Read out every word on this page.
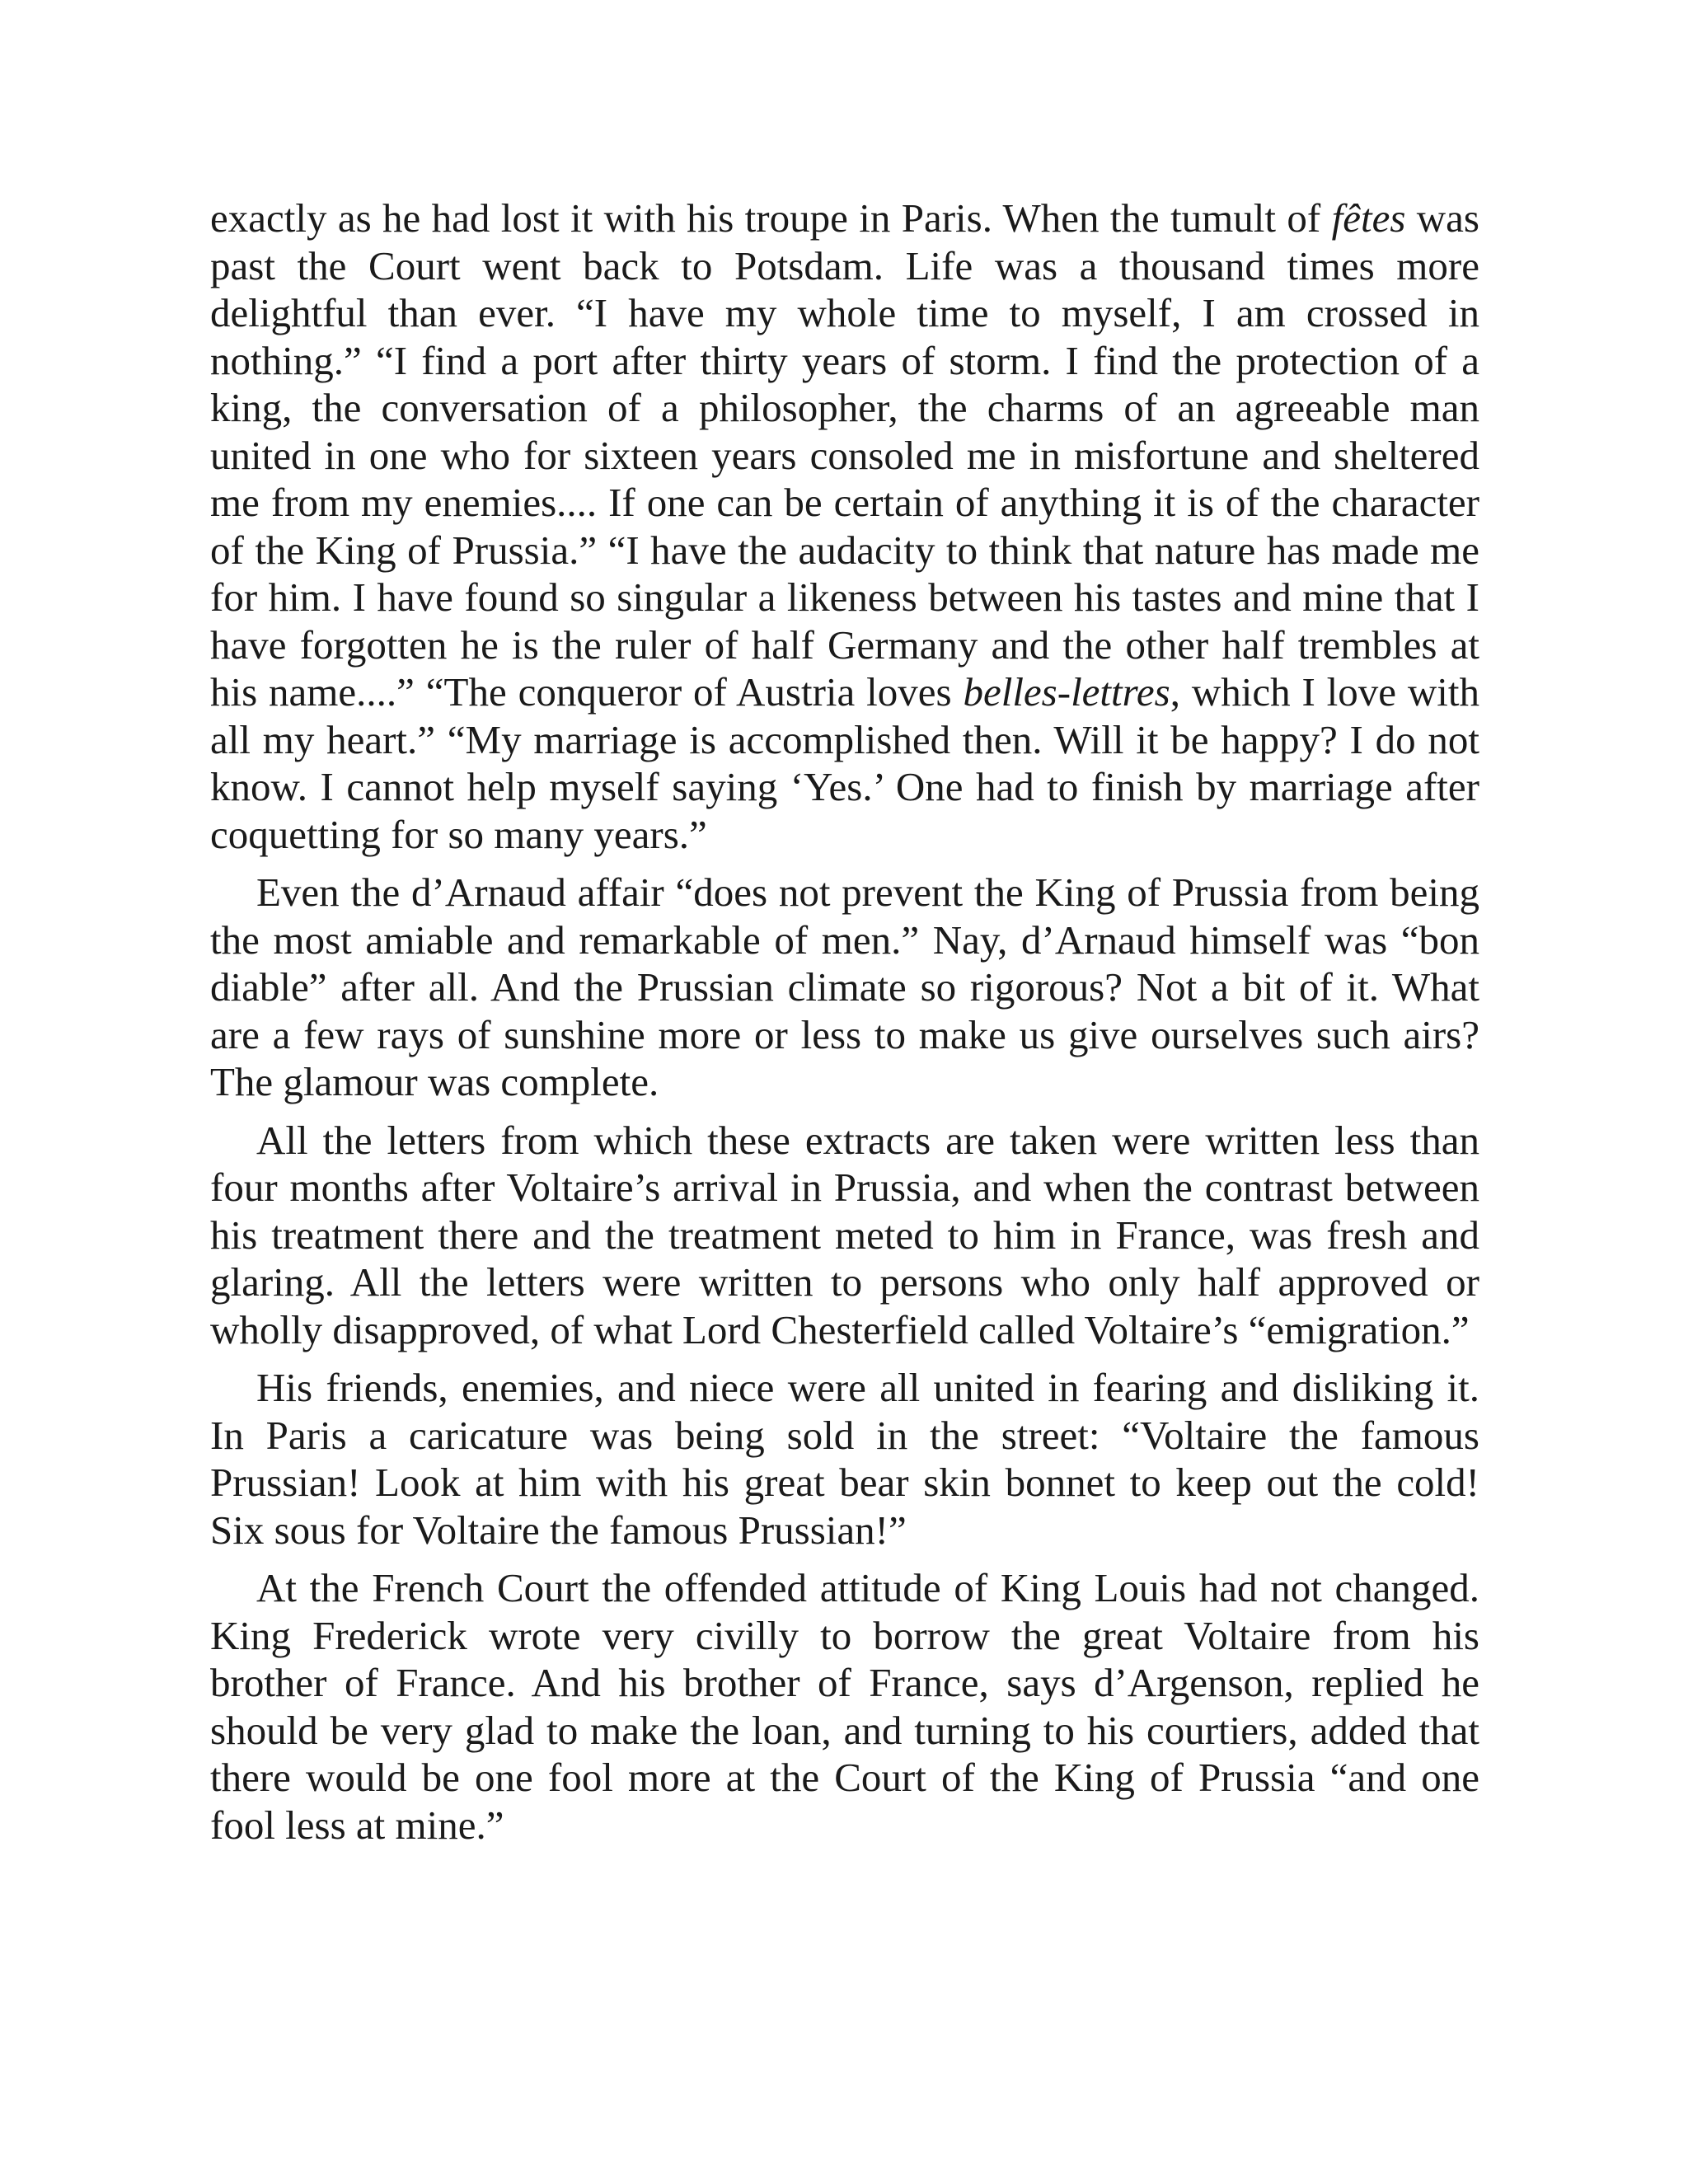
exactly as he had lost it with his troupe in Paris. When the tumult of fêtes was past the Court went back to Potsdam. Life was a thousand times more delightful than ever. “I have my whole time to myself, I am crossed in nothing.” “I find a port after thirty years of storm. I find the protection of a king, the conversation of a philosopher, the charms of an agreeable man united in one who for sixteen years consoled me in misfortune and sheltered me from my enemies.... If one can be certain of anything it is of the character of the King of Prussia.” “I have the audacity to think that nature has made me for him. I have found so singular a likeness between his tastes and mine that I have forgotten he is the ruler of half Germany and the other half trembles at his name....” “The conqueror of Austria loves belles-lettres, which I love with all my heart.” “My marriage is accomplished then. Will it be happy? I do not know. I cannot help myself saying ‘Yes.’ One had to finish by marriage after coquetting for so many years.”

Even the d’Arnaud affair “does not prevent the King of Prussia from being the most amiable and remarkable of men.” Nay, d’Arnaud himself was “bon diable” after all. And the Prussian climate so rigorous? Not a bit of it. What are a few rays of sunshine more or less to make us give ourselves such airs? The glamour was complete.

All the letters from which these extracts are taken were written less than four months after Voltaire’s arrival in Prussia, and when the contrast between his treatment there and the treatment meted to him in France, was fresh and glaring. All the letters were written to persons who only half approved or wholly disapproved, of what Lord Chesterfield called Voltaire’s “emigration.”

His friends, enemies, and niece were all united in fearing and disliking it. In Paris a caricature was being sold in the street: “Voltaire the famous Prussian! Look at him with his great bear skin bonnet to keep out the cold! Six sous for Voltaire the famous Prussian!”

At the French Court the offended attitude of King Louis had not changed. King Frederick wrote very civilly to borrow the great Voltaire from his brother of France. And his brother of France, says d’Argenson, replied he should be very glad to make the loan, and turning to his courtiers, added that there would be one fool more at the Court of the King of Prussia “and one fool less at mine.”
